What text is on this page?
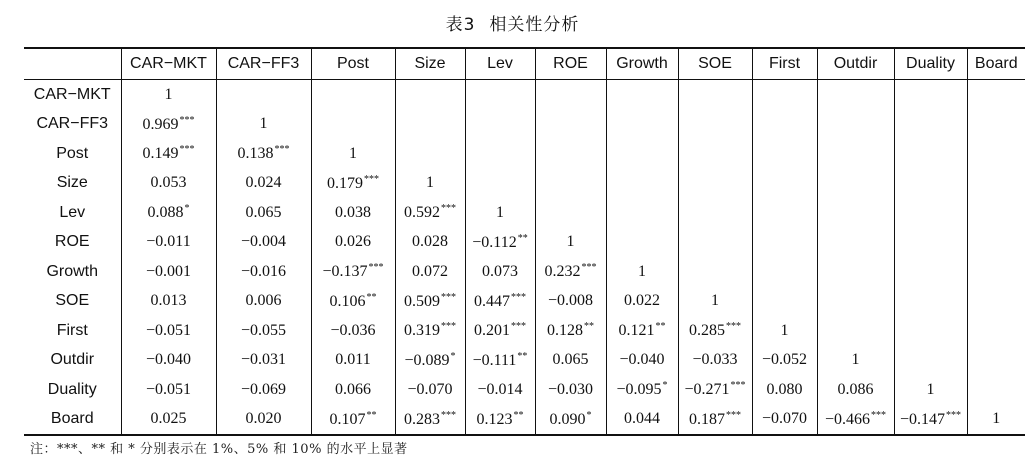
表3 相关性分析
	CAR−MKT	CAR−FF3	Post	Size	Lev	ROE	Growth	SOE	First	Outdir	Duality	Board
CAR−MKT	1											
CAR−FF3	0.969***	1										
Post	0.149***	0.138***	1									
Size	0.053	0.024	0.179***	1								
Lev	0.088*	0.065	0.038	0.592***	1							
ROE	−0.011	−0.004	0.026	0.028	−0.112**	1						
Growth	−0.001	−0.016	−0.137***	0.072	0.073	0.232***	1					
SOE	0.013	0.006	0.106**	0.509***	0.447***	−0.008	0.022	1				
First	−0.051	−0.055	−0.036	0.319***	0.201***	0.128**	0.121**	0.285***	1			
Outdir	−0.040	−0.031	0.011	−0.089*	−0.111**	0.065	−0.040	−0.033	−0.052	1		
Duality	−0.051	−0.069	0.066	−0.070	−0.014	−0.030	−0.095*	−0.271***	0.080	0.086	1	
Board	0.025	0.020	0.107**	0.283***	0.123**	0.090*	0.044	0.187***	−0.070	−0.466***	−0.147***	1
注：***、** 和 * 分别表示在 1%、5% 和 10% 的水平上显著
